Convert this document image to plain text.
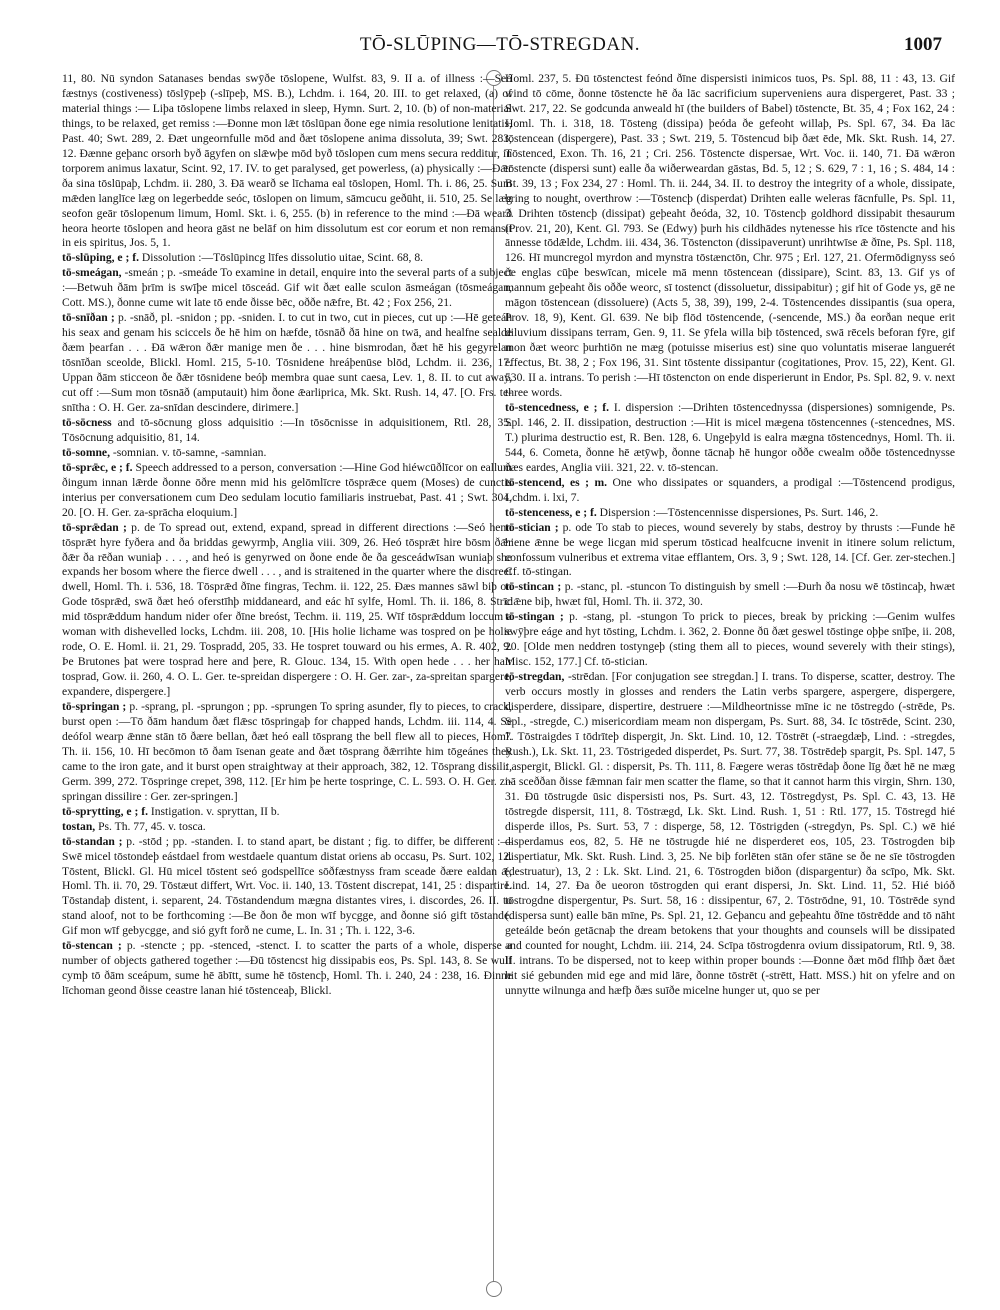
TŌ-SLŪPING—TŌ-STREGDAN.	1007

11, 80. Nū syndon Satanases bendas swȳðe tōslopene, Wulfst. 83, 9. II a. of illness :—Seó fæstnys (costiveness) tōslȳpeþ (-slīpeþ, MS. B.), Lchdm. i. 164, 20. III. to get relaxed, (a) of material things :— Liþa tōslopene limbs relaxed in sleep, Hymn. Surt. 2, 10. (b) of non-material things, to be relaxed, get remiss :—Ðonne mon lǣt tōslūpan ðone ege nimia resolutione lenitatis, Past. 40; Swt. 289, 2. Ðæt ungeornfulle mōd and ðæt tōslopene anima dissoluta, 39; Swt. 283, 12. Ðænne geþanc orsorh byð āgyfen on slǣwþe mōd byð tōslopen cum mens secura redditur, in torporem animus laxatur, Scint. 92, 17. IV. to get paralysed, get powerless, (a) physically :—Ðǣr ða sina tōslūpaþ, Lchdm. ii. 280, 3. Ðā wearð se līchama eal tōslopen, Homl. Th. i. 86, 25. Sum mǣden langlīce læg on legerbedde seóc, tōslopen on limum, sāmcucu geðūht, ii. 510, 25. Se læg seofon geār tōslopenum limum, Homl. Skt. i. 6, 255. (b) in reference to the mind :—Ðā wearð heora heorte tōslopen and heora gāst ne belāf on him dissolutum est cor eorum et non remansit in eis spiritus, Jos. 5, 1.

tō-slūping, e ; f. Dissolution :—Tōslūpincg līfes dissolutio uitae, Scint. 68, 8.

tō-smeágan, -smeán ; p. -smeáde To examine in detail, enquire into the several parts of a subject :—Betwuh ðām þrīm is swīþe micel tōsceád. Gif wit ðæt ealle sculon āsmeágan (tōsmeágan, Cott. MS.), ðonne cume wit late tō ende ðisse bēc, oððe nǣfre, Bt. 42 ; Fox 256, 21.

tō-snīðan ; p. -snāð, pl. -snidon ; pp. -sniden. I. to cut in two, cut in pieces, cut up :—Hē geteáh his seax and genam his sciccels ðe hē him on hæfde, tōsnāð ðā hine on twā, and healfne sealde ðæm þearfan . . . Ðā wǣron ðǣr manige men ðe . . . hine bismrodan, ðæt hē his gegyrelan tōsnīðan sceolde, Blickl. Homl. 215, 5-10. Tōsnidene hreáþenūse blōd, Lchdm. ii. 236, 17. Uppan ðām sticceon ðe ðǣr tōsnidene beóþ membra quae sunt caesa, Lev. 1, 8. II. to cut away, cut off :—Sum mon tōsnāð (amputauit) him ðone ǣarliprica, Mk. Skt. Rush. 14, 47. [O. Frs. te-snītha : O. H. Ger. za-snīdan descindere, dirimere.]

tō-sōcness and tō-sōcnung gloss adquisitio :—In tōsōcnisse in adquisitionem, Rtl. 28, 35. Tōsōcnung adquisitio, 81, 14.

tō-somne, -somnian. v. tō-samne, -samnian.

tō-sprǣc, e ; f. Speech addressed to a person, conversation :—Hine God hiéwcūðlīcor on eallum ðingum innan lǣrde ðonne ōðre menn mid his gelōmlīcre tōsprǣce quem (Moses) de cunctis interius per conversationem cum Deo sedulam locutio familiaris instruebat, Past. 41 ; Swt. 304, 20. [O. H. Ger. za-sprācha eloquium.]

tō-sprǣdan ; p. de To spread out, extend, expand, spread in different directions :—Seó henn tōsprǣt hyre fyðera and ða briddas gewyrmþ, Anglia viii. 309, 26. Heó tōsprǣt hire bōsm ðǣr ðǣr ða rēðan wuniaþ . . . , and heó is genyrwed on ðone ende ðe ða gesceádwīsan wuniaþ she expands her bosom where the fierce dwell . . . , and is straitened in the quarter where the discreet dwell, Homl. Th. i. 536, 18. Tōsprǣd ðīne fingras, Techm. ii. 122, 25. Ðæs mannes sāwl biþ on Gode tōsprǣd, swā ðæt heó oferstīhþ middaneard, and eác hī sylfe, Homl. Th. ii. 186, 8. Strīc mid tōsprǣddum handum nider ofer ðīne breóst, Techm. ii. 119, 25. Wīf tōsprǣddum loccum a woman with dishevelled locks, Lchdm. iii. 208, 10. [His holie lichame was tospred on þe holie rode, O. E. Homl. ii. 21, 29. Tospradd, 205, 33. He tospret touward ou his ermes, A. R. 402, 9. Þe Brutones þat were tosprad here and þere, R. Glouc. 134, 15. With open hede . . . her hair tosprad, Gow. ii. 260, 4. O. L. Ger. te-spreidan dispergere : O. H. Ger. zar-, za-spreitan spargere, expandere, dispergere.]

tō-springan ; p. -sprang, pl. -sprungon ; pp. -sprungen To spring asunder, fly to pieces, to crack, burst open :—Tō ðām handum ðæt flǣsc tōspringaþ for chapped hands, Lchdm. iii. 114, 4. Se deófol wearp ǣnne stān tō ðære bellan, ðæt heó eall tōsprang the bell flew all to pieces, Homl. Th. ii. 156, 10. Hī becōmon tō ðam īsenan geate and ðæt tōsprang ðǣrrihte him tōgeánes they came to the iron gate, and it burst open straightway at their approach, 382, 12. Tōsprang dissilit, Germ. 399, 272. Tōspringe crepet, 398, 112. [Er him þe herte tospringe, C. L. 593. O. H. Ger. zi-springan dissilire : Ger. zer-springen.]

tō-sprytting, e ; f. Instigation. v. spryttan, II b.

tostan, Ps. Th. 77, 45. v. tosca.

tō-standan ; p. -stōd ; pp. -standen. I. to stand apart, be distant ; fig. to differ, be different :—Swē micel tōstondeþ eástdael from westdaele quantum distat oriens ab occasu, Ps. Surt. 102, 12. Tōstent, Blickl. Gl. Hū micel tōstent seó godspellīce sōðfæstnyss fram sceade ðære ealdan ǣ, Homl. Th. ii. 70, 29. Tōstæut differt, Wrt. Voc. ii. 140, 13. Tōstent discrepat, 141, 25 : dispartire. Tōstandaþ distent, i. separent, 24. Tōstandendum mægna distantes vires, i. discordes, 26. II. to stand aloof, not to be forthcoming :—Be ðon ðe mon wīf bycgge, and ðonne sió gift tōstande. Gif mon wīf gebycgge, and sió gyft forð ne cume, L. In. 31 ; Th. i. 122, 3-6.

tō-stencan ; p. -stencte ; pp. -stenced, -stenct. I. to scatter the parts of a whole, disperse a number of objects gathered together :—Ðū tōstencst hig dissipabis eos, Ps. Spl. 143, 8. Se wulf cymþ tō ðām sceápum, sume hē ābītt, sume hē tōstencþ, Homl. Th. i. 240, 24 : 238, 16. Ðinne līchoman geond ðisse ceastre lanan hié tōstenceaþ, Blickl.

Homl. 237, 5. Ðū tōstenctest feónd ðīne dispersisti inimicos tuos, Ps. Spl. 88, 11 : 43, 13. Gif wind tō cōme, ðonne tōstencte hē ða lāc sacrificium superveniens aura dispergeret, Past. 33 ; Swt. 217, 22. Se godcunda anweald hī (the builders of Babel) tōstencte, Bt. 35, 4 ; Fox 162, 24 : Homl. Th. i. 318, 18. Tōsteng (dissipa) þeóda ðe gefeoht willaþ, Ps. Spl. 67, 34. Ða lāc tōstencean (dispergere), Past. 33 ; Swt. 219, 5. Tōstencud biþ ðæt ēde, Mk. Skt. Rush. 14, 27. Tōstenced, Exon. Th. 16, 21 ; Cri. 256. Tōstencte dispersae, Wrt. Voc. ii. 140, 71. Ðā wǣron tōstencte (dispersi sunt) ealle ða wiðerweardan gāstas, Bd. 5, 12 ; S. 629, 7 : 1, 16 ; S. 484, 14 : Bt. 39, 13 ; Fox 234, 27 : Homl. Th. ii. 244, 34. II. to destroy the integrity of a whole, dissipate, bring to nought, overthrow :—Tōstencþ (disperdat) Drihten ealle weleras fācnfulle, Ps. Spl. 11, 3. Drihten tōstencþ (dissipat) geþeaht ðeóda, 32, 10. Tōstencþ goldhord dissipabit thesaurum (Prov. 21, 20), Kent. Gl. 793. Se (Edwy) þurh his cildhādes nytenesse his rīce tōstencte and his ānnesse tōdǣlde, Lchdm. iii. 434, 36. Tōstencton (dissipaverunt) unrihtwīse ǣ ðīne, Ps. Spl. 118, 126. Hī muncregol myrdon and mynstra tōstænctōn, Chr. 975 ; Erl. 127, 21. Ofermōdignyss seó ðe englas cūþe beswīcan, micele mā menn tōstencean (dissipare), Scint. 83, 13. Gif ys of mannum geþeaht ðis oððe weorc, sī tostenct (dissoluetur, dissipabitur) ; gif hit of Gode ys, gē ne māgon tōstencean (dissoluere) (Acts 5, 38, 39), 199, 2-4. Tōstencendes dissipantis (sua opera, Prov. 18, 9), Kent. Gl. 639. Ne biþ flōd tōstencende, (-sencende, MS.) ða eorðan neque erit diluvium dissipans terram, Gen. 9, 11. Se ȳfela willa biþ tōstenced, swā rēcels beforan fȳre, gif mon ðæt weorc þurhtiōn ne mæg (potuisse miserius est) sine quo voluntatis miserae languerét effectus, Bt. 38, 2 ; Fox 196, 31. Sint tōstente dissipantur (cogitationes, Prov. 15, 22), Kent. Gl. 530. II a. intrans. To perish :—Hī tōstencton on ende disperierunt in Endor, Ps. Spl. 82, 9. v. next three words.

tō-stencedness, e ; f. I. dispersion :—Drihten tōstencednyssa (dispersiones) somnigende, Ps. Spl. 146, 2. II. dissipation, destruction :—Hit is micel mægena tōstencennes (-stencednes, MS. T.) plurima destructio est, R. Ben. 128, 6. Ungeþyld is ealra mægna tōstencednys, Homl. Th. ii. 544, 6. Cometa, ðonne hē ætȳwþ, ðonne tācnaþ hē hungor oððe cwealm oððe tōstencednysse ðæs eardes, Anglia viii. 321, 22. v. tō-stencan.

tō-stencend, es ; m. One who dissipates or squanders, a prodigal :—Tōstencend prodigus, Lchdm. i. lxi, 7.

tō-stenceness, e ; f. Dispersion :—Tōstencennisse dispersiones, Ps. Surt. 146, 2.

tō-stician ; p. ode To stab to pieces, wound severely by stabs, destroy by thrusts :—Funde hē hiene ǣnne be wege licgan mid sperum tōsticad healfcucne invenit in itinere solum relictum, confossum vulneribus et extrema vitae efflantem, Ors. 3, 9 ; Swt. 128, 14. [Cf. Ger. zer-stechen.] Cf. tō-stingan.

tō-stincan ; p. -stanc, pl. -stuncon To distinguish by smell :—Ðurh ða nosu wē tōstincaþ, hwæt clǣne biþ, hwæt fūl, Homl. Th. ii. 372, 30.

tō-stingan ; p. -stang, pl. -stungon To prick to pieces, break by pricking :—Genim wulfes swȳþre eáge and hyt tōsting, Lchdm. i. 362, 2. Ðonne ðū ðæt geswel tōstinge oþþe snīþe, ii. 208, 20. [Olde men neddren tostyngeþ (sting them all to pieces, wound severely with their stings), Misc. 152, 177.] Cf. tō-stician.

tō-stregdan, -strēdan. [For conjugation see stregdan.] I. trans. To disperse, scatter, destroy. The verb occurs mostly in glosses and renders the Latin verbs spargere, aspergere, dispergere, disperdere, dissipare, dispertire, destruere :—Mildheortnisse mīne ic ne tōstregdo (-strēde, Ps. Spl., -stregde, C.) misericordiam meam non dispergam, Ps. Surt. 88, 34. Ic tōstrēde, Scint. 230, 7. Tōstraigdes ī tōdrīteþ dispergit, Jn. Skt. Lind. 10, 12. Tōstrēt (-straegdæþ, Lind. : -stregdes, Rush.), Lk. Skt. 11, 23. Tōstrigeded disperdet, Ps. Surt. 77, 38. Tōstrēdeþ spargit, Ps. Spl. 147, 5 : aspergit, Blickl. Gl. : dispersit, Ps. Th. 111, 8. Fægere weras tōstrēdaþ ðone līg ðæt hē ne mæg nā sceððan ðisse fǣmnan fair men scatter the flame, so that it cannot harm this virgin, Shrn. 130, 31. Ðū tōstrugde ūsic dispersisti nos, Ps. Surt. 43, 12. Tōstregdyst, Ps. Spl. C. 43, 13. Hē tōstregde dispersit, 111, 8. Tōstrægd, Lk. Skt. Lind. Rush. 1, 51 : Rtl. 177, 15. Tōstregd hié disperde illos, Ps. Surt. 53, 7 : disperge, 58, 12. Tōstrigden (-stregdyn, Ps. Spl. C.) wē hié disperdamus eos, 82, 5. Hē ne tōstrugde hié ne disperderet eos, 105, 23. Tōstrogden biþ dispertiatur, Mk. Skt. Rush. Lind. 3, 25. Ne biþ forlēten stān ofer stāne se ðe ne sīe tōstrogden (destruatur), 13, 2 : Lk. Skt. Lind. 21, 6. Tōstrogden biðon (dispargentur) ða scīpo, Mk. Skt. Lind. 14, 27. Ða ðe ueoron tōstrogden qui erant dispersi, Jn. Skt. Lind. 11, 52. Hié bióð tōstrogdne dispergentur, Ps. Surt. 58, 16 : dissipentur, 67, 2. Tōstrōdne, 91, 10. Tōstrēde synd (dispersa sunt) ealle bān mīne, Ps. Spl. 21, 12. Geþancu and geþeahtu ðīne tōstrēdde and tō nāht geteálde beón getācnaþ the dream betokens that your thoughts and counsels will be dissipated and counted for nought, Lchdm. iii. 214, 24. Scīpa tōstrogdenra ovium dissipatorum, Rtl. 9, 38. II. intrans. To be dispersed, not to keep within proper bounds :—Ðonne ðæt mōd flīhþ ðæt ðæt hit sié gebunden mid ege and mid lāre, ðonne tōstrēt (-strētt, Hatt. MSS.) hit on yfelre and on unnytte wilnunga and hæfþ ðæs suīðe micelne hunger ut, quo se per
